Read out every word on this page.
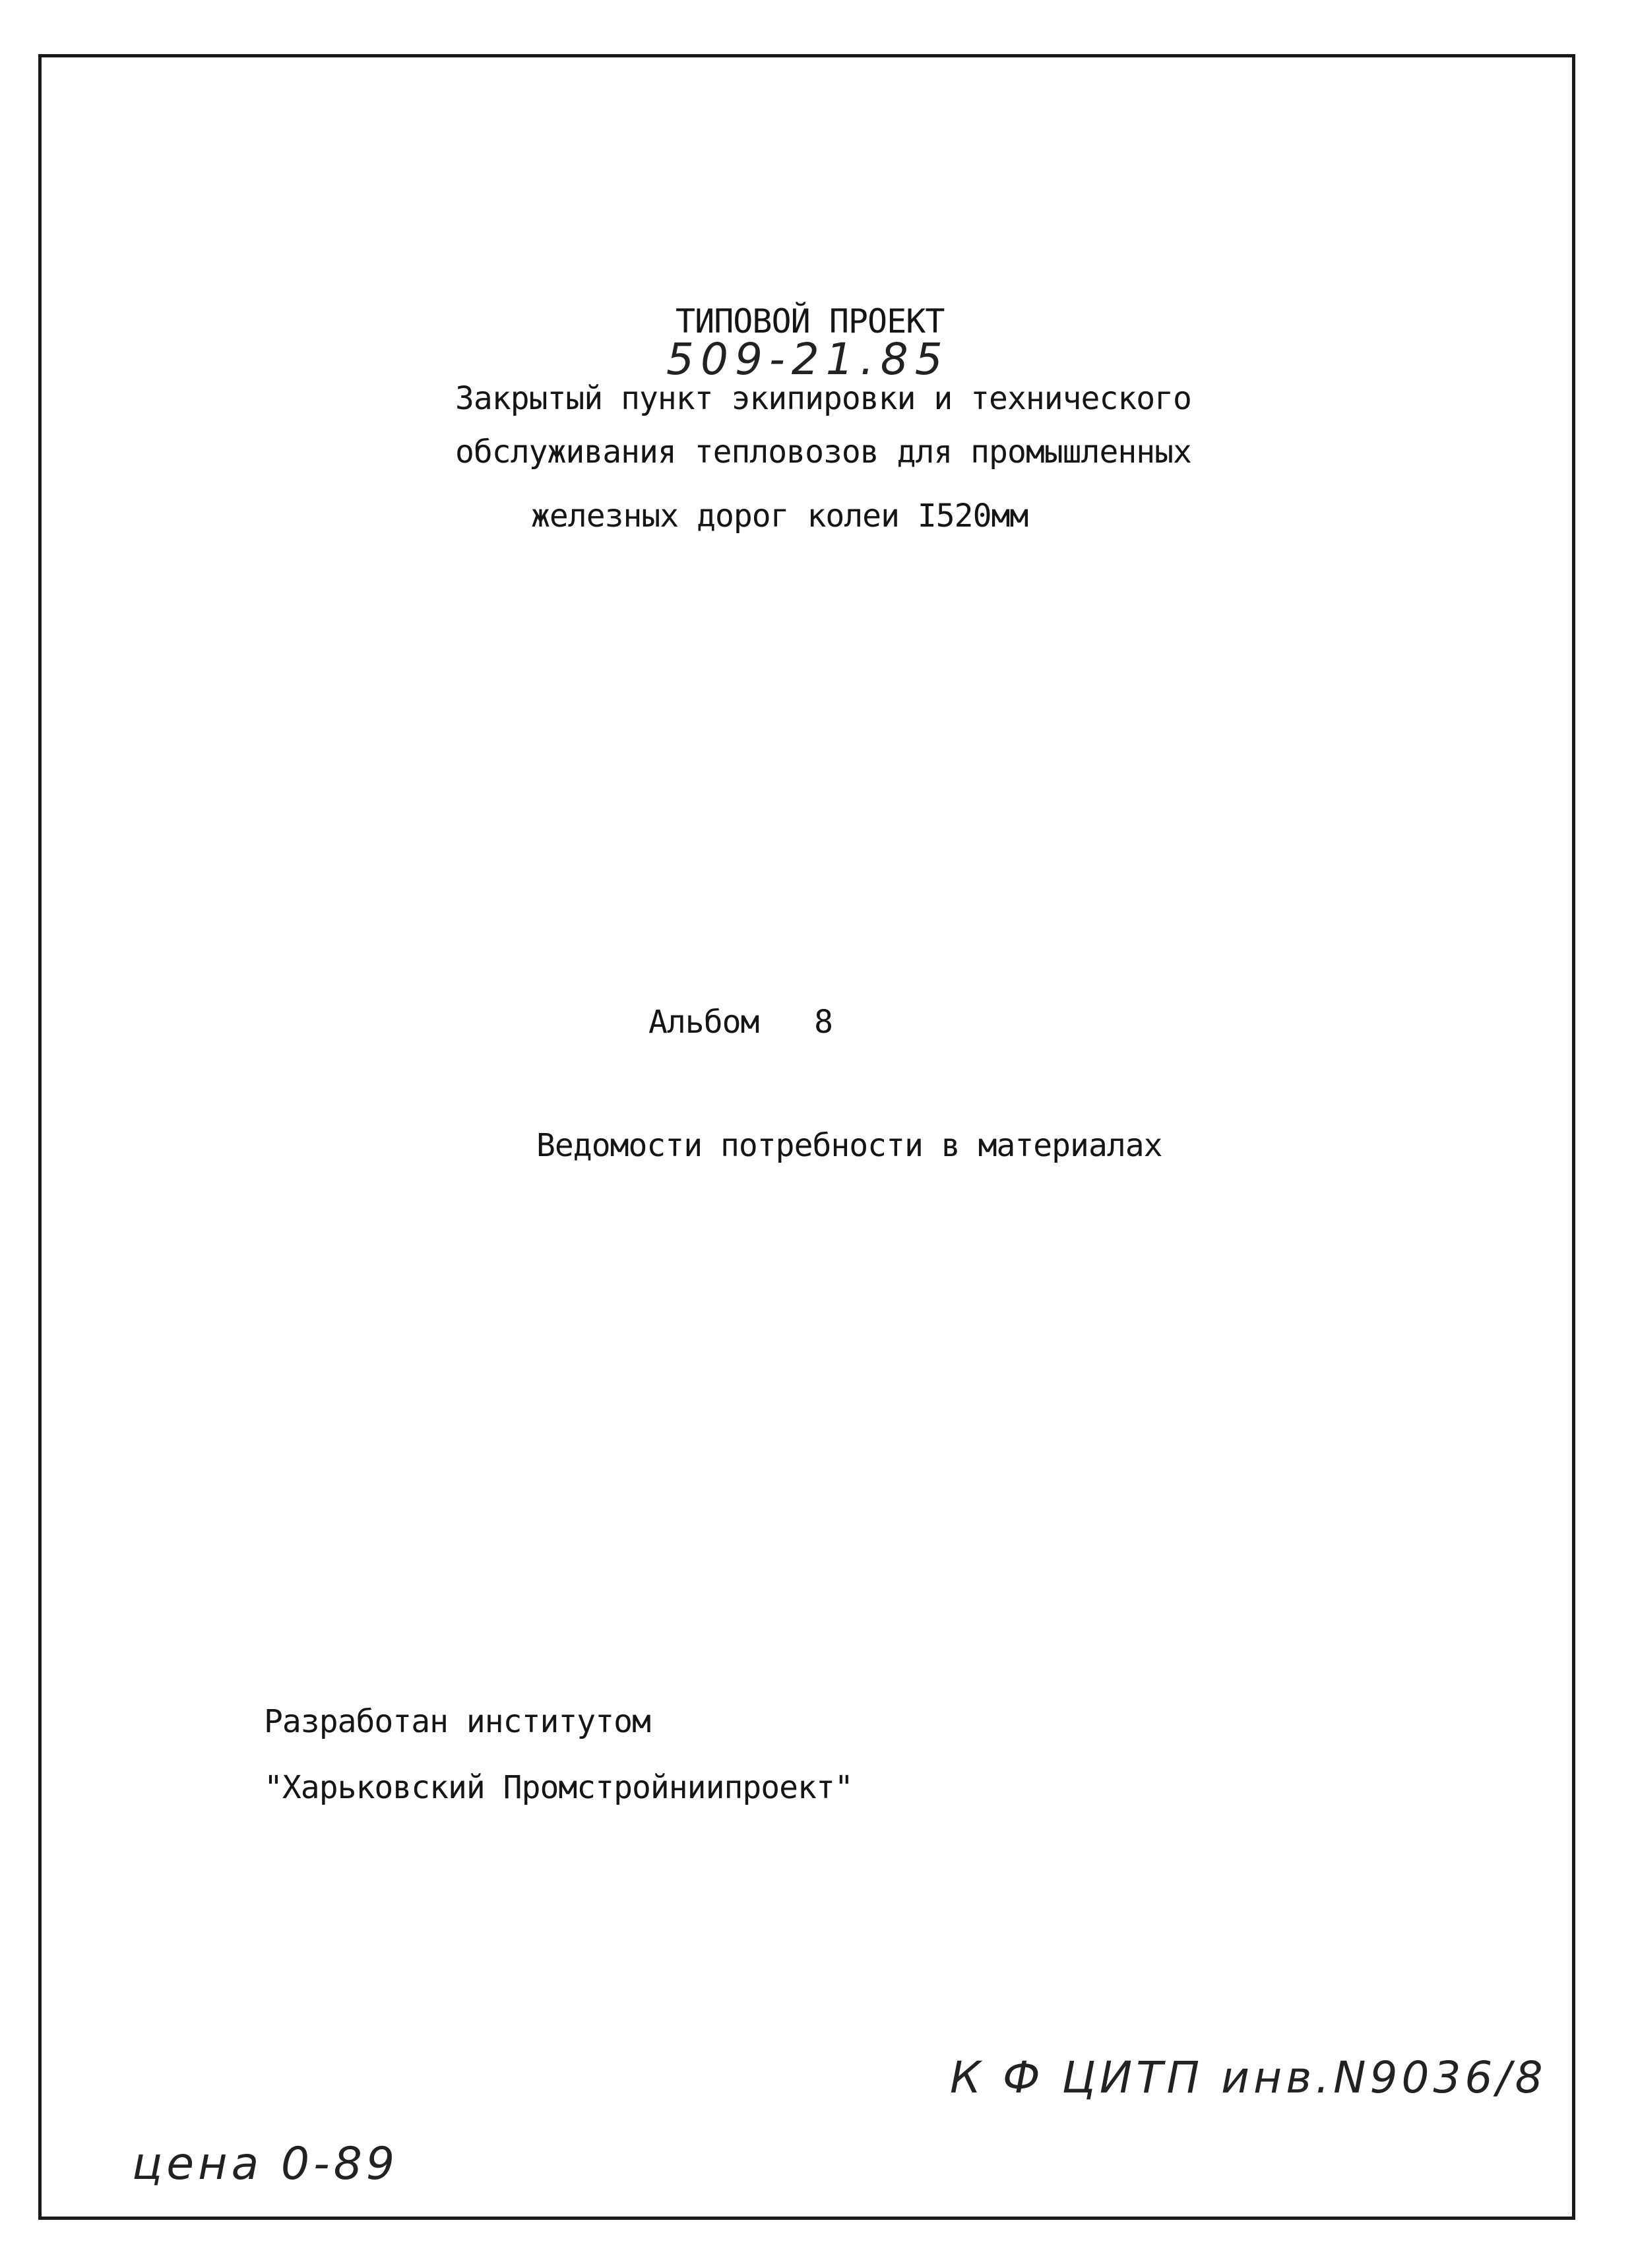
ТИПОВОЙ ПРОЕКТ
509-21.85
Закрытый пункт экипировки и технического
обслуживания тепловозов для промышленных
железных дорог колеи I520мм
Альбом   8
Ведомости потребности в материалах
Разработан институтом
"Харьковский Промстройниипроект"
К Ф ЦИТП инв.N9036/8
цена 0-89
